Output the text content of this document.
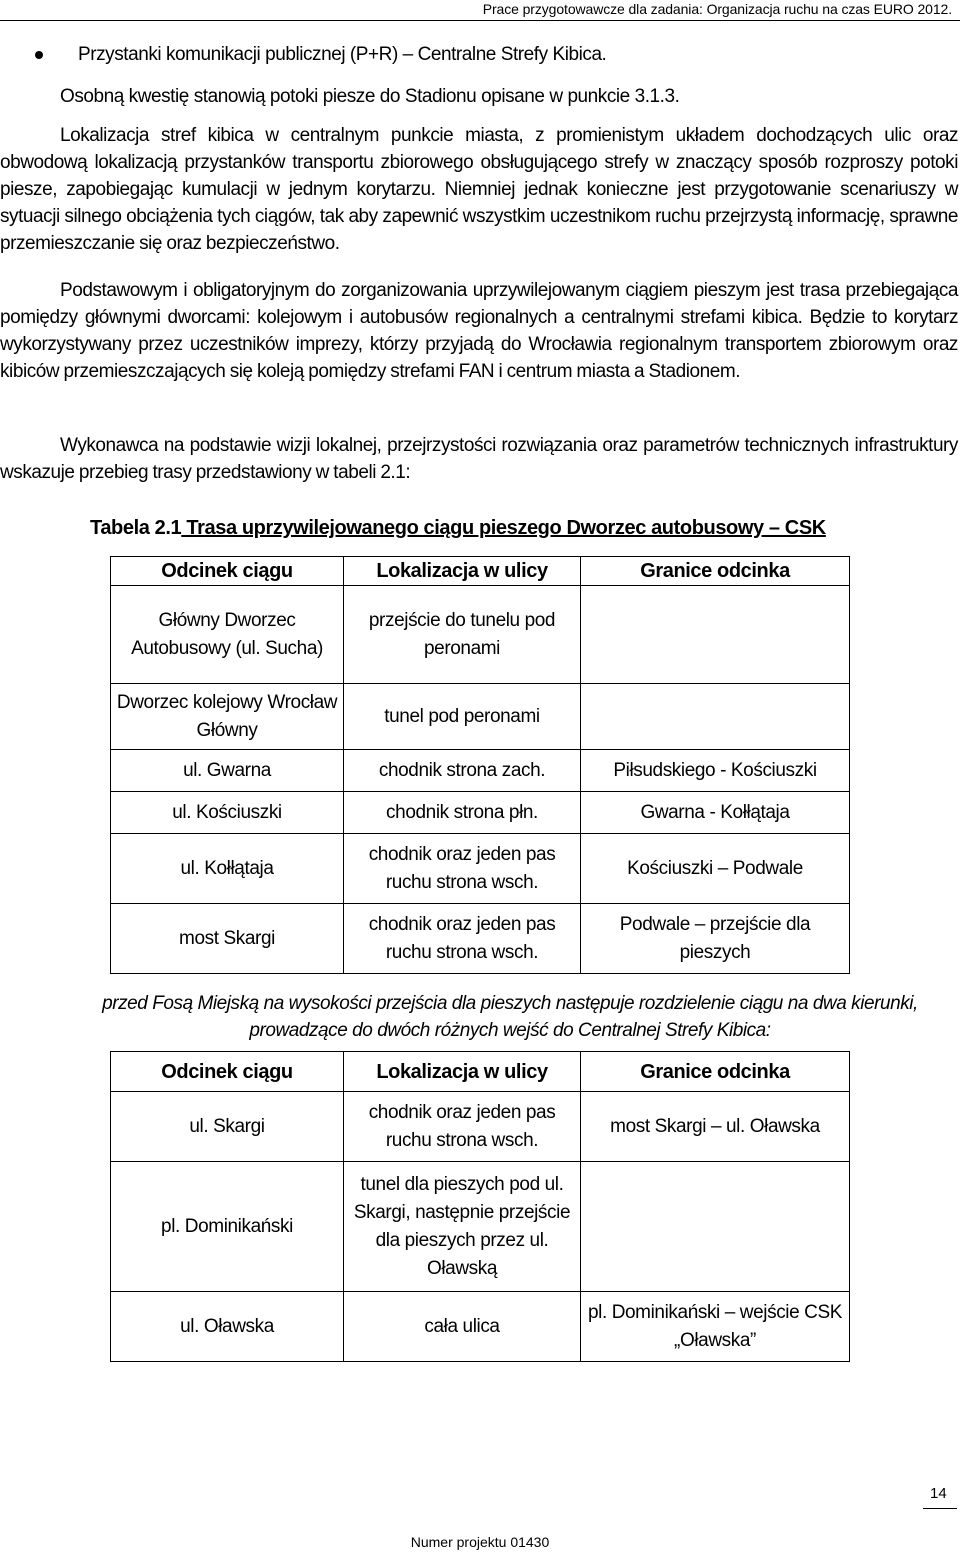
Prace przygotowawcze dla zadania: Organizacja ruchu na czas EURO 2012.
Przystanki komunikacji publicznej (P+R) – Centralne Strefy Kibica.
Osobną kwestię stanowią potoki piesze do Stadionu opisane w punkcie 3.1.3.
Lokalizacja stref kibica w centralnym punkcie miasta, z promienistym układem dochodzących ulic oraz obwodową lokalizacją przystanków transportu zbiorowego obsługującego strefy w znaczący sposób rozproszy potoki piesze, zapobiegając kumulacji w jednym korytarzu. Niemniej jednak konieczne jest przygotowanie scenariuszy w sytuacji silnego obciążenia tych ciągów, tak aby zapewnić wszystkim uczestnikom ruchu przejrzystą informację, sprawne przemieszczanie się oraz bezpieczeństwo.
Podstawowym i obligatoryjnym do zorganizowania uprzywilejowanym ciągiem pieszym jest trasa przebiegająca pomiędzy głównymi dworcami: kolejowym i autobusów regionalnych a centralnymi strefami kibica. Będzie to korytarz wykorzystywany przez uczestników imprezy, którzy przyjadą do Wrocławia regionalnym transportem zbiorowym oraz kibiców przemieszczających się koleją pomiędzy strefami FAN i centrum miasta a Stadionem.
Wykonawca na podstawie wizji lokalnej, przejrzystości rozwiązania oraz parametrów technicznych infrastruktury wskazuje przebieg trasy przedstawiony w tabeli 2.1:
Tabela 2.1 Trasa uprzywilejowanego ciągu pieszego Dworzec autobusowy – CSK
Odcinek ciągu	Lokalizacja w ulicy	Granice odcinka
Główny Dworzec Autobusowy (ul. Sucha)	przejście do tunelu pod peronami	
Dworzec kolejowy Wrocław Główny	tunel pod peronami	
ul. Gwarna	chodnik strona zach.	Piłsudskiego - Kościuszki
ul. Kościuszki	chodnik strona płn.	Gwarna - Kołłątaja
ul. Kołłątaja	chodnik oraz jeden pas ruchu strona wsch.	Kościuszki – Podwale
most Skargi	chodnik oraz jeden pas ruchu strona wsch.	Podwale – przejście dla pieszych
przed Fosą Miejską na wysokości przejścia dla pieszych następuje rozdzielenie ciągu na dwa kierunki, prowadzące do dwóch różnych wejść do Centralnej Strefy Kibica:
Odcinek ciągu	Lokalizacja w ulicy	Granice odcinka
ul. Skargi	chodnik oraz jeden pas ruchu strona wsch.	most Skargi – ul. Oławska
pl. Dominikański	tunel dla pieszych pod ul. Skargi, następnie przejście dla pieszych przez ul. Oławską	
ul. Oławska	cała ulica	pl. Dominikański – wejście CSK „Oławska”
14
Numer projektu 01430
